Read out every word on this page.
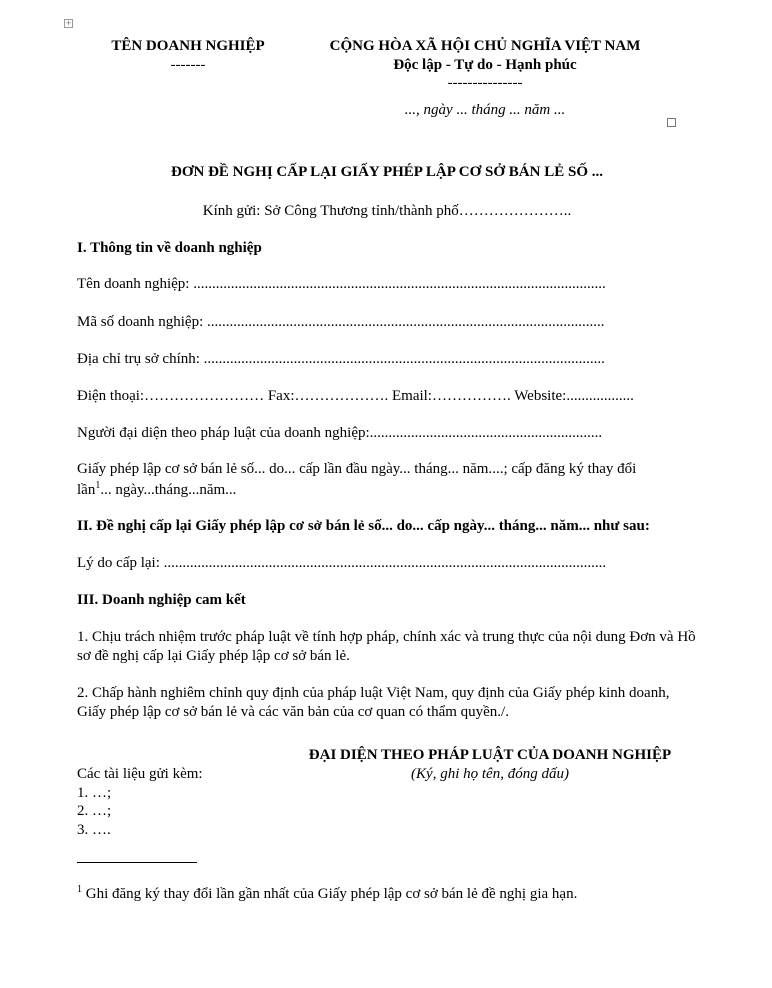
+
TÊN DOANH NGHIỆP
-------
CỘNG HÒA XÃ HỘI CHỦ NGHĨA VIỆT NAM
Độc lập - Tự do - Hạnh phúc
---------------
..., ngày ... tháng ... năm ...
ĐƠN ĐỀ NGHỊ CẤP LẠI GIẤY PHÉP LẬP CƠ SỞ BÁN LẺ SỐ ...
Kính gửi: Sở Công Thương tỉnh/thành phố…………………..
I. Thông tin về doanh nghiệp
Tên doanh nghiệp: ..............................................................................................................
Mã số doanh nghiệp: ..........................................................................................................
Địa chỉ trụ sở chính: ...........................................................................................................
Điện thoại:…………………… Fax:………………. Email:……………. Website:..................
Người đại diện theo pháp luật của doanh nghiệp:..............................................................
Giấy phép lập cơ sở bán lẻ số... do... cấp lần đầu ngày... tháng... năm....; cấp đăng ký thay đổi
lần$^1$... ngày...tháng...năm...
II. Đề nghị cấp lại Giấy phép lập cơ sở bán lẻ số... do... cấp ngày... tháng... năm... như sau:
Lý do cấp lại: ......................................................................................................................
III. Doanh nghiệp cam kết
1. Chịu trách nhiệm trước pháp luật về tính hợp pháp, chính xác và trung thực của nội dung Đơn và Hồ sơ đề nghị cấp lại Giấy phép lập cơ sở bán lẻ.
2. Chấp hành nghiêm chỉnh quy định của pháp luật Việt Nam, quy định của Giấy phép kinh doanh, Giấy phép lập cơ sở bán lẻ và các văn bản của cơ quan có thẩm quyền./.
ĐẠI DIỆN THEO PHÁP LUẬT CỦA DOANH NGHIỆP
(Ký, ghi họ tên, đóng dấu)
Các tài liệu gửi kèm:
1. …;
2. …;
3. ….
$^1$ Ghi đăng ký thay đổi lần gần nhất của Giấy phép lập cơ sở bán lẻ đề nghị gia hạn.
